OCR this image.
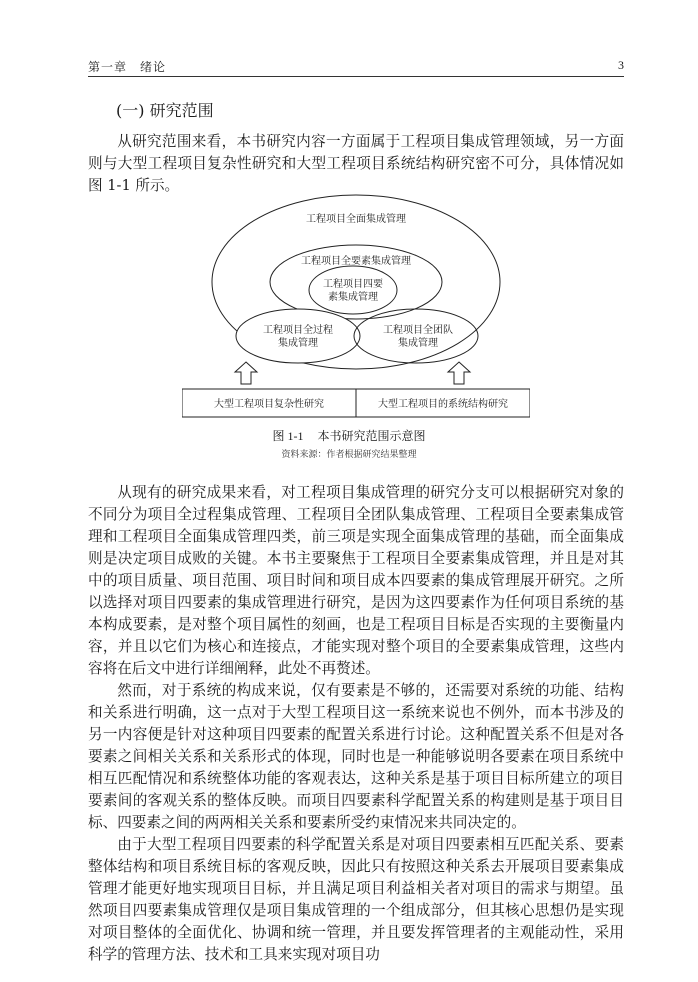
第一章　绪论	3
(一) 研究范围

从研究范围来看，本书研究内容一方面属于工程项目集成管理领域，另一方面则与大型工程项目复杂性研究和大型工程项目系统结构研究密不可分，具体情况如图 1-1 所示。

工程项目全面集成管理
工程项目全要素集成管理
工程项目四要
素集成管理
工程项目全过程
集成管理
工程项目全团队
集成管理
大型工程项目复杂性研究	大型工程项目的系统结构研究
图 1-1 本书研究范围示意图
资料来源：作者根据研究结果整理

从现有的研究成果来看，对工程项目集成管理的研究分支可以根据研究对象的不同分为项目全过程集成管理、工程项目全团队集成管理、工程项目全要素集成管理和工程项目全面集成管理四类，前三项是实现全面集成管理的基础，而全面集成则是决定项目成败的关键。本书主要聚焦于工程项目全要素集成管理，并且是对其中的项目质量、项目范围、项目时间和项目成本四要素的集成管理展开研究。之所以选择对项目四要素的集成管理进行研究，是因为这四要素作为任何项目系统的基本构成要素，是对整个项目属性的刻画，也是工程项目目标是否实现的主要衡量内容，并且以它们为核心和连接点，才能实现对整个项目的全要素集成管理，这些内容将在后文中进行详细阐释，此处不再赘述。

然而，对于系统的构成来说，仅有要素是不够的，还需要对系统的功能、结构和关系进行明确，这一点对于大型工程项目这一系统来说也不例外，而本书涉及的另一内容便是针对这种项目四要素的配置关系进行讨论。这种配置关系不但是对各要素之间相关关系和关系形式的体现，同时也是一种能够说明各要素在项目系统中相互匹配情况和系统整体功能的客观表达，这种关系是基于项目目标所建立的项目要素间的客观关系的整体反映。而项目四要素科学配置关系的构建则是基于项目目标、四要素之间的两两相关关系和要素所受约束情况来共同决定的。

由于大型工程项目四要素的科学配置关系是对项目四要素相互匹配关系、要素整体结构和项目系统目标的客观反映，因此只有按照这种关系去开展项目要素集成管理才能更好地实现项目目标，并且满足项目利益相关者对项目的需求与期望。虽然项目四要素集成管理仅是项目集成管理的一个组成部分，但其核心思想仍是实现对项目整体的全面优化、协调和统一管理，并且要发挥管理者的主观能动性，采用科学的管理方法、技术和工具来实现对项目功
